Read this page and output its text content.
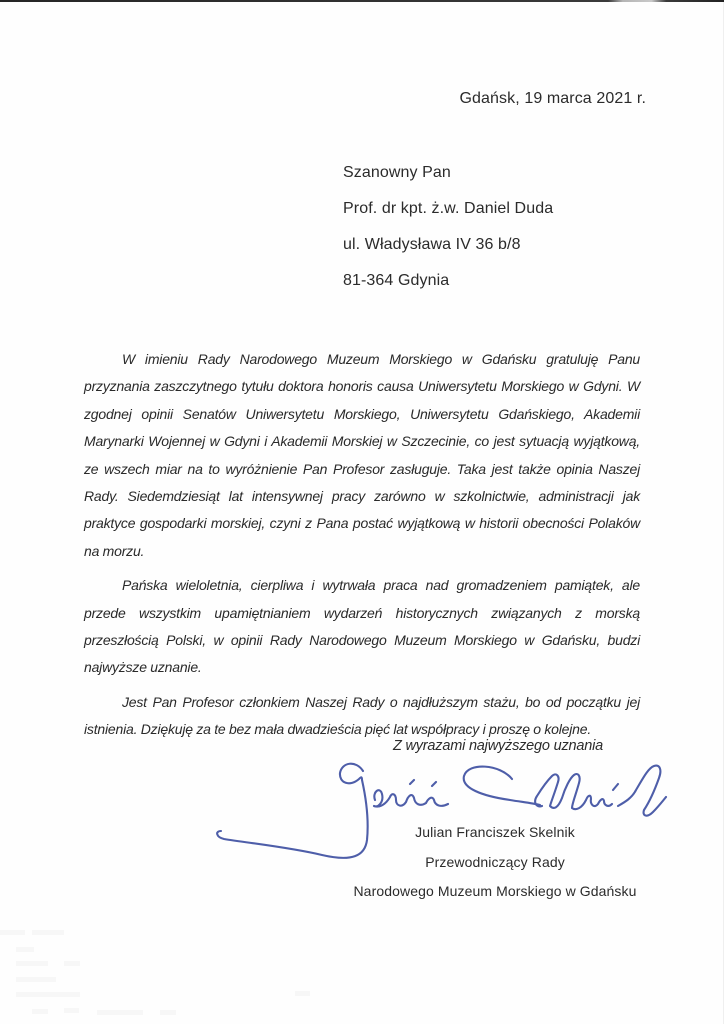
Gdańsk, 19 marca 2021 r.
Szanowny Pan
Prof. dr kpt. ż.w. Daniel Duda
ul. Władysława IV 36 b/8
81-364 Gdynia

W imieniu Rady Narodowego Muzeum Morskiego w Gdańsku gratuluję Panu przyznania zaszczytnego tytułu doktora honoris causa Uniwersytetu Morskiego w Gdyni. W zgodnej opinii Senatów Uniwersytetu Morskiego, Uniwersytetu Gdańskiego, Akademii Marynarki Wojennej w Gdyni i Akademii Morskiej w Szczecinie, co jest sytuacją wyjątkową, ze wszech miar na to wyróżnienie Pan Profesor zasługuje. Taka jest także opinia Naszej Rady. Siedemdziesiąt lat intensywnej pracy zarówno w szkolnictwie, administracji jak praktyce gospodarki morskiej, czyni z Pana postać wyjątkową w historii obecności Polaków na morzu.

Pańska wieloletnia, cierpliwa i wytrwała praca nad gromadzeniem pamiątek, ale przede wszystkim upamiętnianiem wydarzeń historycznych związanych z morską przeszłością Polski, w opinii Rady Narodowego Muzeum Morskiego w Gdańsku, budzi najwyższe uznanie.

Jest Pan Profesor członkiem Naszej Rady o najdłuższym stażu, bo od początku jej istnienia. Dziękuję za te bez mała dwadzieścia pięć lat współpracy i proszę o kolejne.

Z wyrazami najwyższego uznania
Julian Franciszek Skelnik
Przewodniczący Rady
Narodowego Muzeum Morskiego w Gdańsku
